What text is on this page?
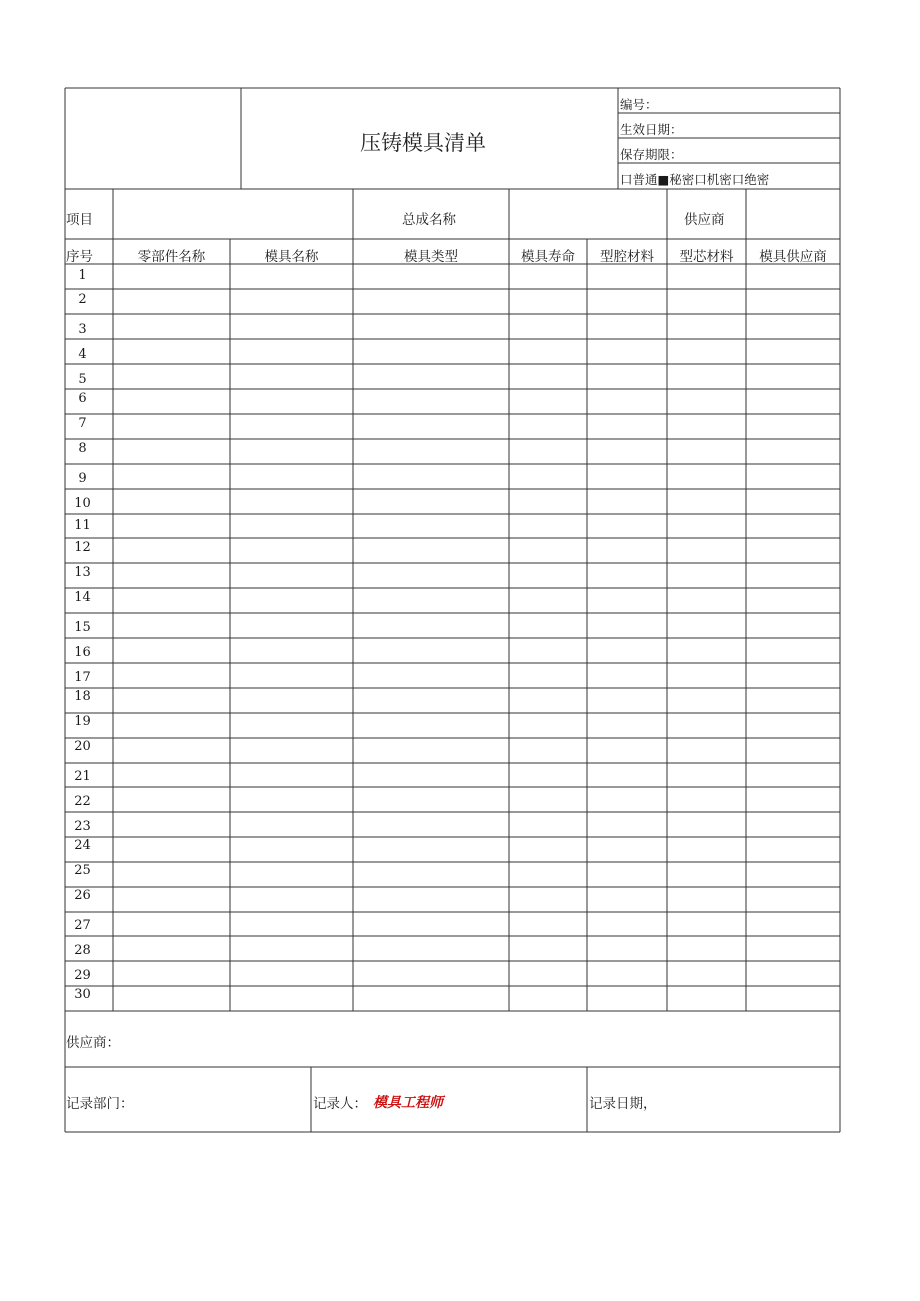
压铸模具清单
编号：
生效日期：
保存期限：
口普通■秘密口机密口绝密
项目	总成名称	供应商
序号	零部件名称	模具名称	模具类型	模具寿命	型腔材料	型芯材料	模具供应商
1
2
3
4
5
6
7
8
9
10
11
12
13
14
15
16
17
18
19
20
21
22
23
24
25
26
27
28
29
30
供应商：
记录部门：	记录人： 模具工程师	记录日期，
